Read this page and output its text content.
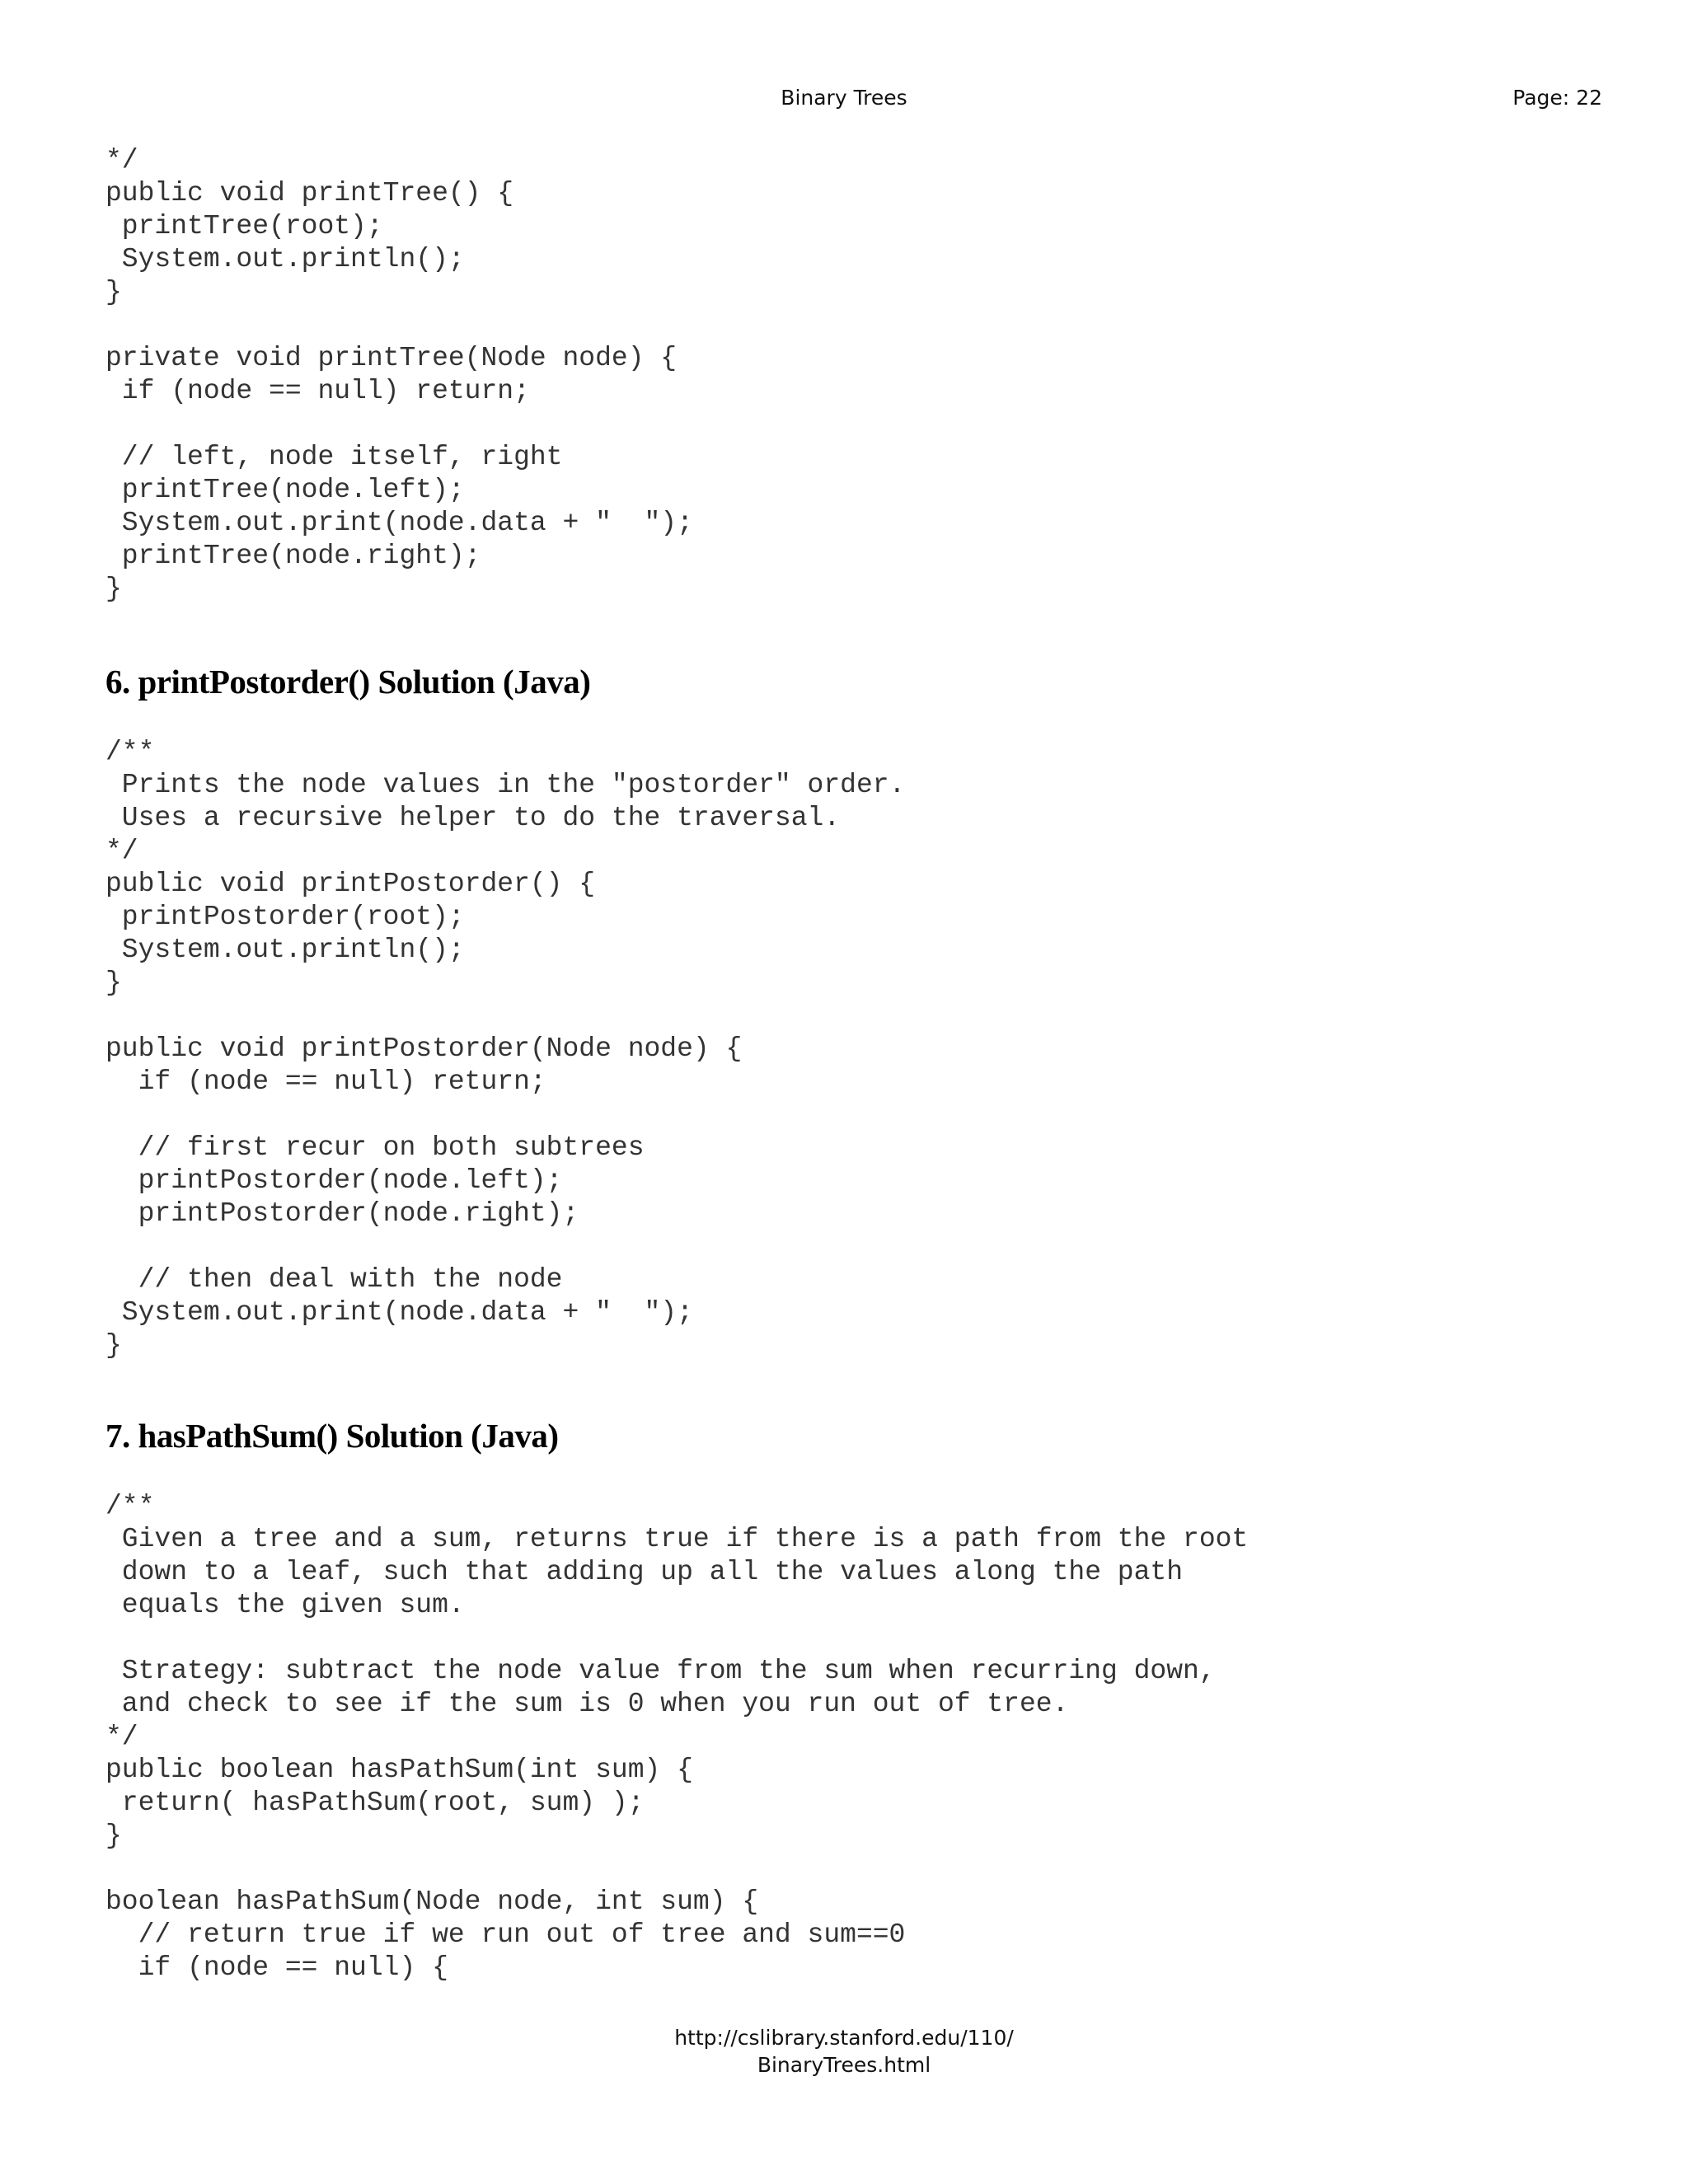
Binary Trees	Page: 22
*/
public void printTree() {
printTree(root);
System.out.println();
}

private void printTree(Node node) {
if (node == null) return;

// left, node itself, right
printTree(node.left);
System.out.print(node.data + "  ");
printTree(node.right);
}
6. printPostorder() Solution (Java)
/**
Prints the node values in the "postorder" order.
Uses a recursive helper to do the traversal.
*/
public void printPostorder() {
printPostorder(root);
System.out.println();
}

public void printPostorder(Node node) {
if (node == null) return;

// first recur on both subtrees
printPostorder(node.left);
printPostorder(node.right);

// then deal with the node
System.out.print(node.data + "  ");
}
7. hasPathSum() Solution (Java)
/**
Given a tree and a sum, returns true if there is a path from the root
down to a leaf, such that adding up all the values along the path
equals the given sum.

Strategy: subtract the node value from the sum when recurring down,
and check to see if the sum is 0 when you run out of tree.
*/
public boolean hasPathSum(int sum) {
return( hasPathSum(root, sum) );
}

boolean hasPathSum(Node node, int sum) {
// return true if we run out of tree and sum==0
if (node == null) {
http://cslibrary.stanford.edu/110/
BinaryTrees.html
